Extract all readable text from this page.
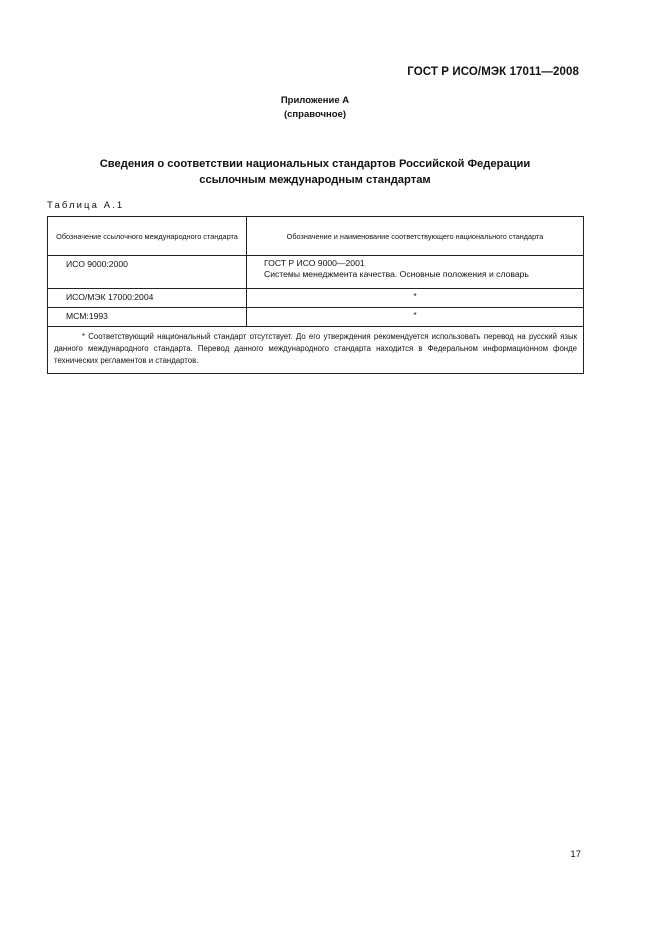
ГОСТ Р ИСО/МЭК 17011—2008
Приложение А
(справочное)
Сведения о соответствии национальных стандартов Российской Федерации
ссылочным международным стандартам
Таблица А.1
Обозначение ссылочного международного стандарта	Обозначение и наименование соответствующего национального стандарта
ИСО 9000:2000	ГОСТ Р ИСО 9000—2001
Системы менеджмента качества. Основные положения и словарь

ИСО/МЭК 17000:2004	*
МСМ:1993	*
* Соответствующий национальный стандарт отсутствует. До его утверждения рекомендуется использовать перевод на русский язык данного международного стандарта. Перевод данного международного стандарта находится в Федеральном информационном фонде технических регламентов и стандартов.	
17
